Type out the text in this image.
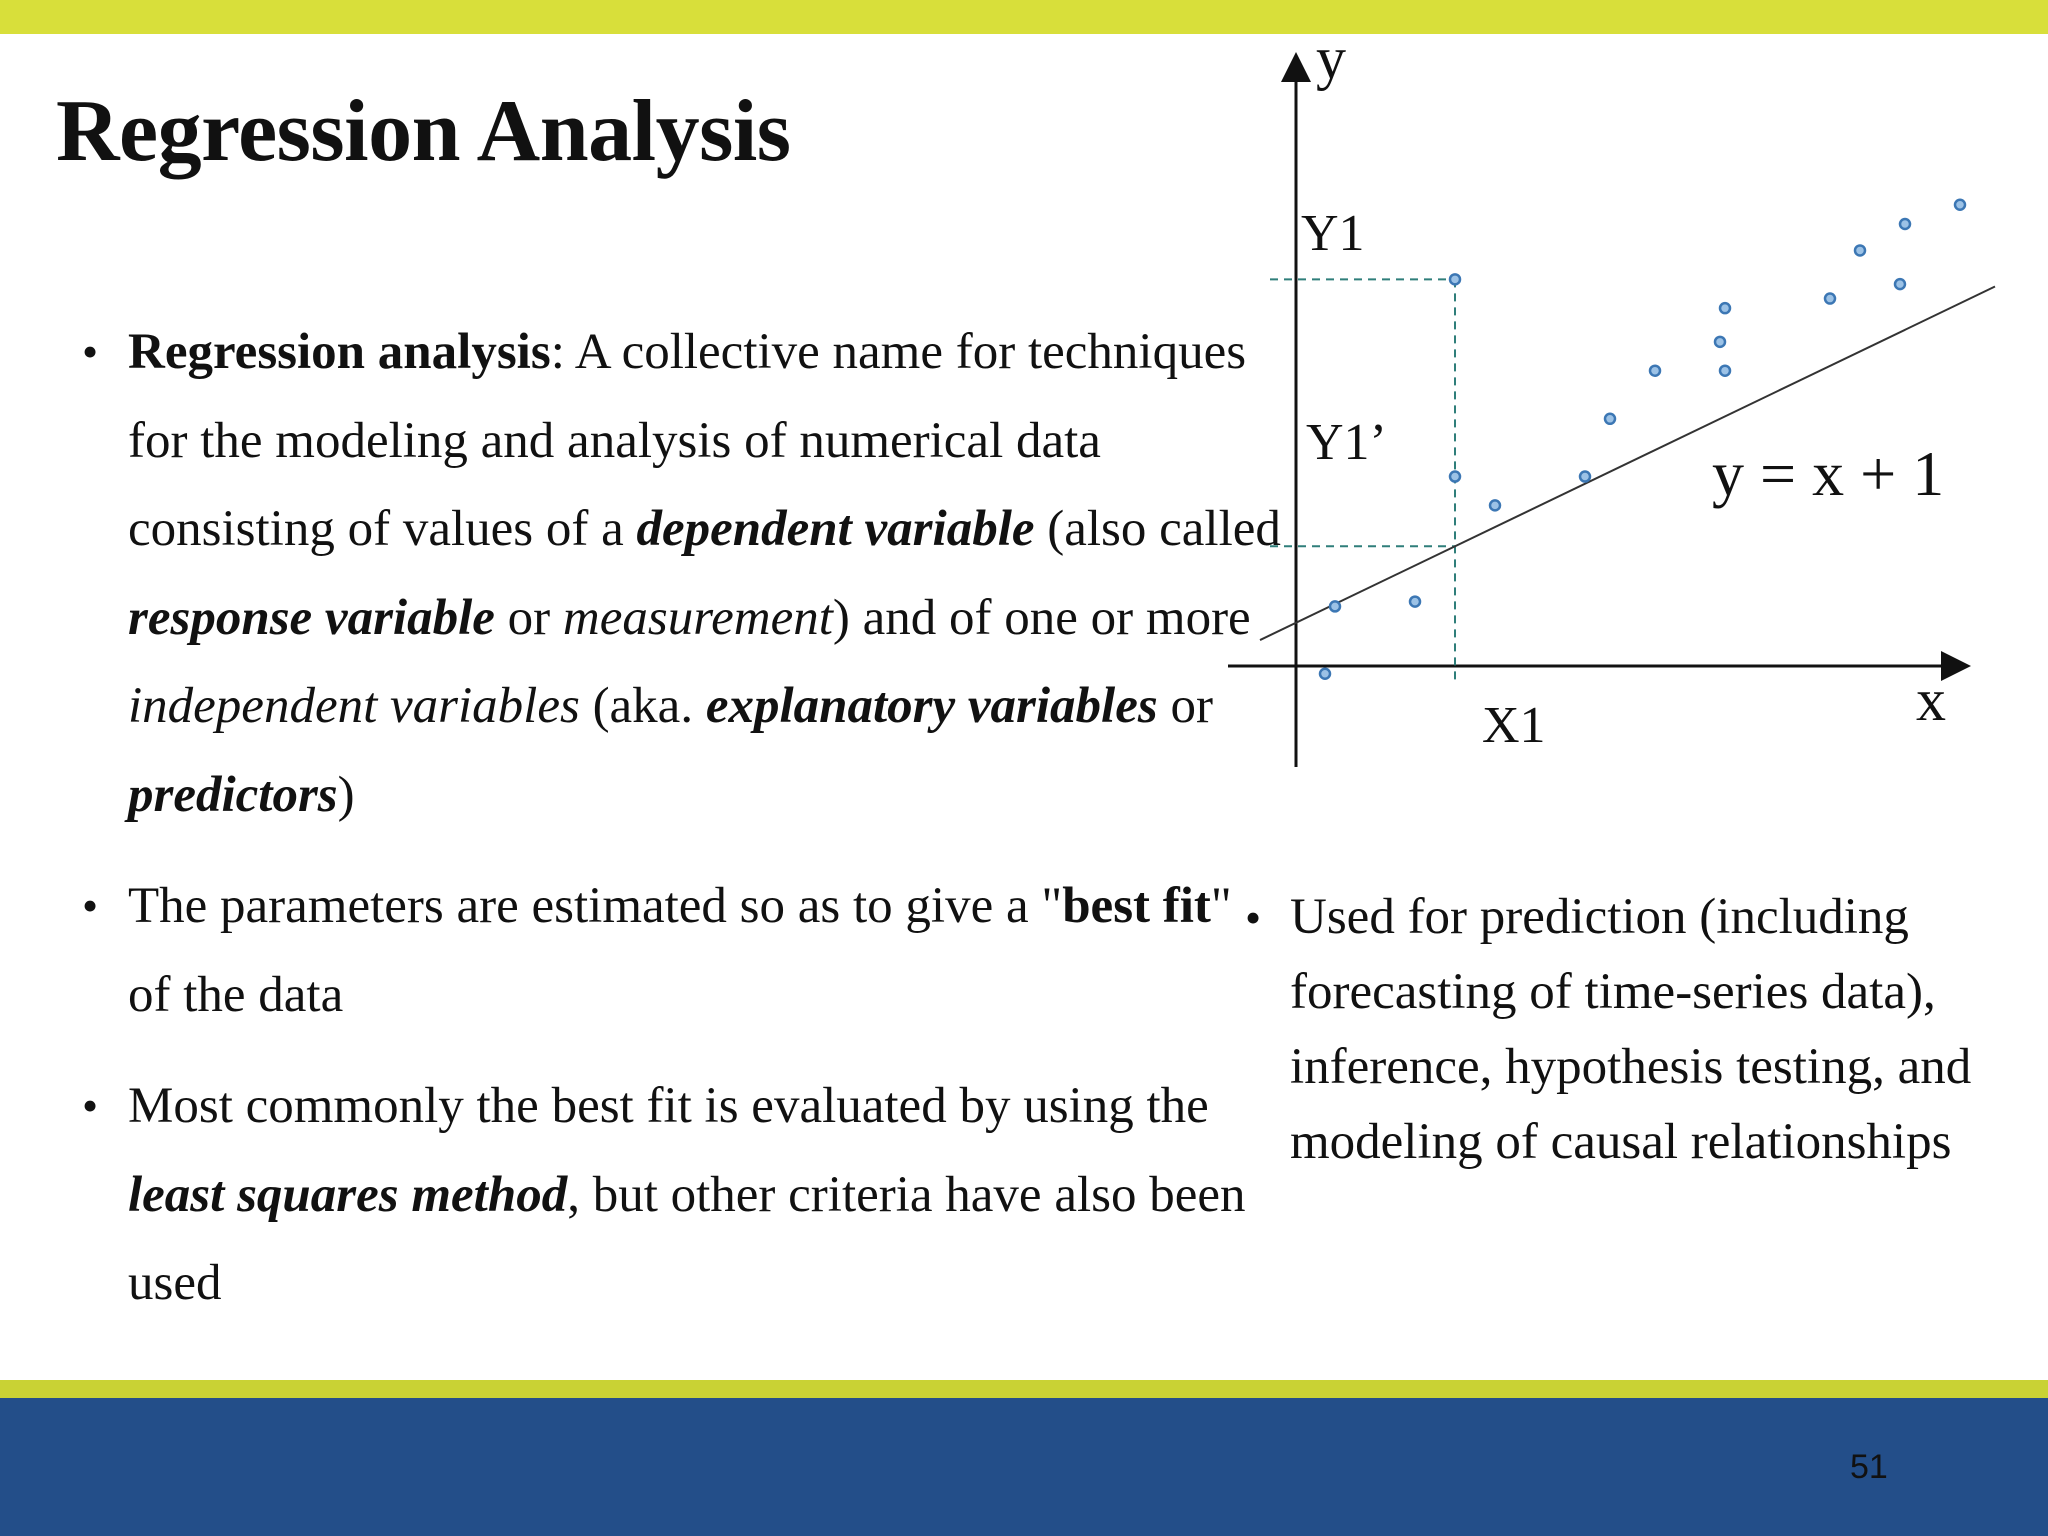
Regression Analysis
• Regression analysis: A collective name for techniques for the modeling and analysis of numerical data consisting of values of a dependent variable (also called response variable or measurement) and of one or more independent variables (aka. explanatory variables or predictors)
• The parameters are estimated so as to give a "best fit" of the data
• Most commonly the best fit is evaluated by using the least squares method, but other criteria have also been used
y
x
Y1
Y1’
X1
y = x + 1
• Used for prediction (including forecasting of time-series data), inference, hypothesis testing, and modeling of causal relationships
51
